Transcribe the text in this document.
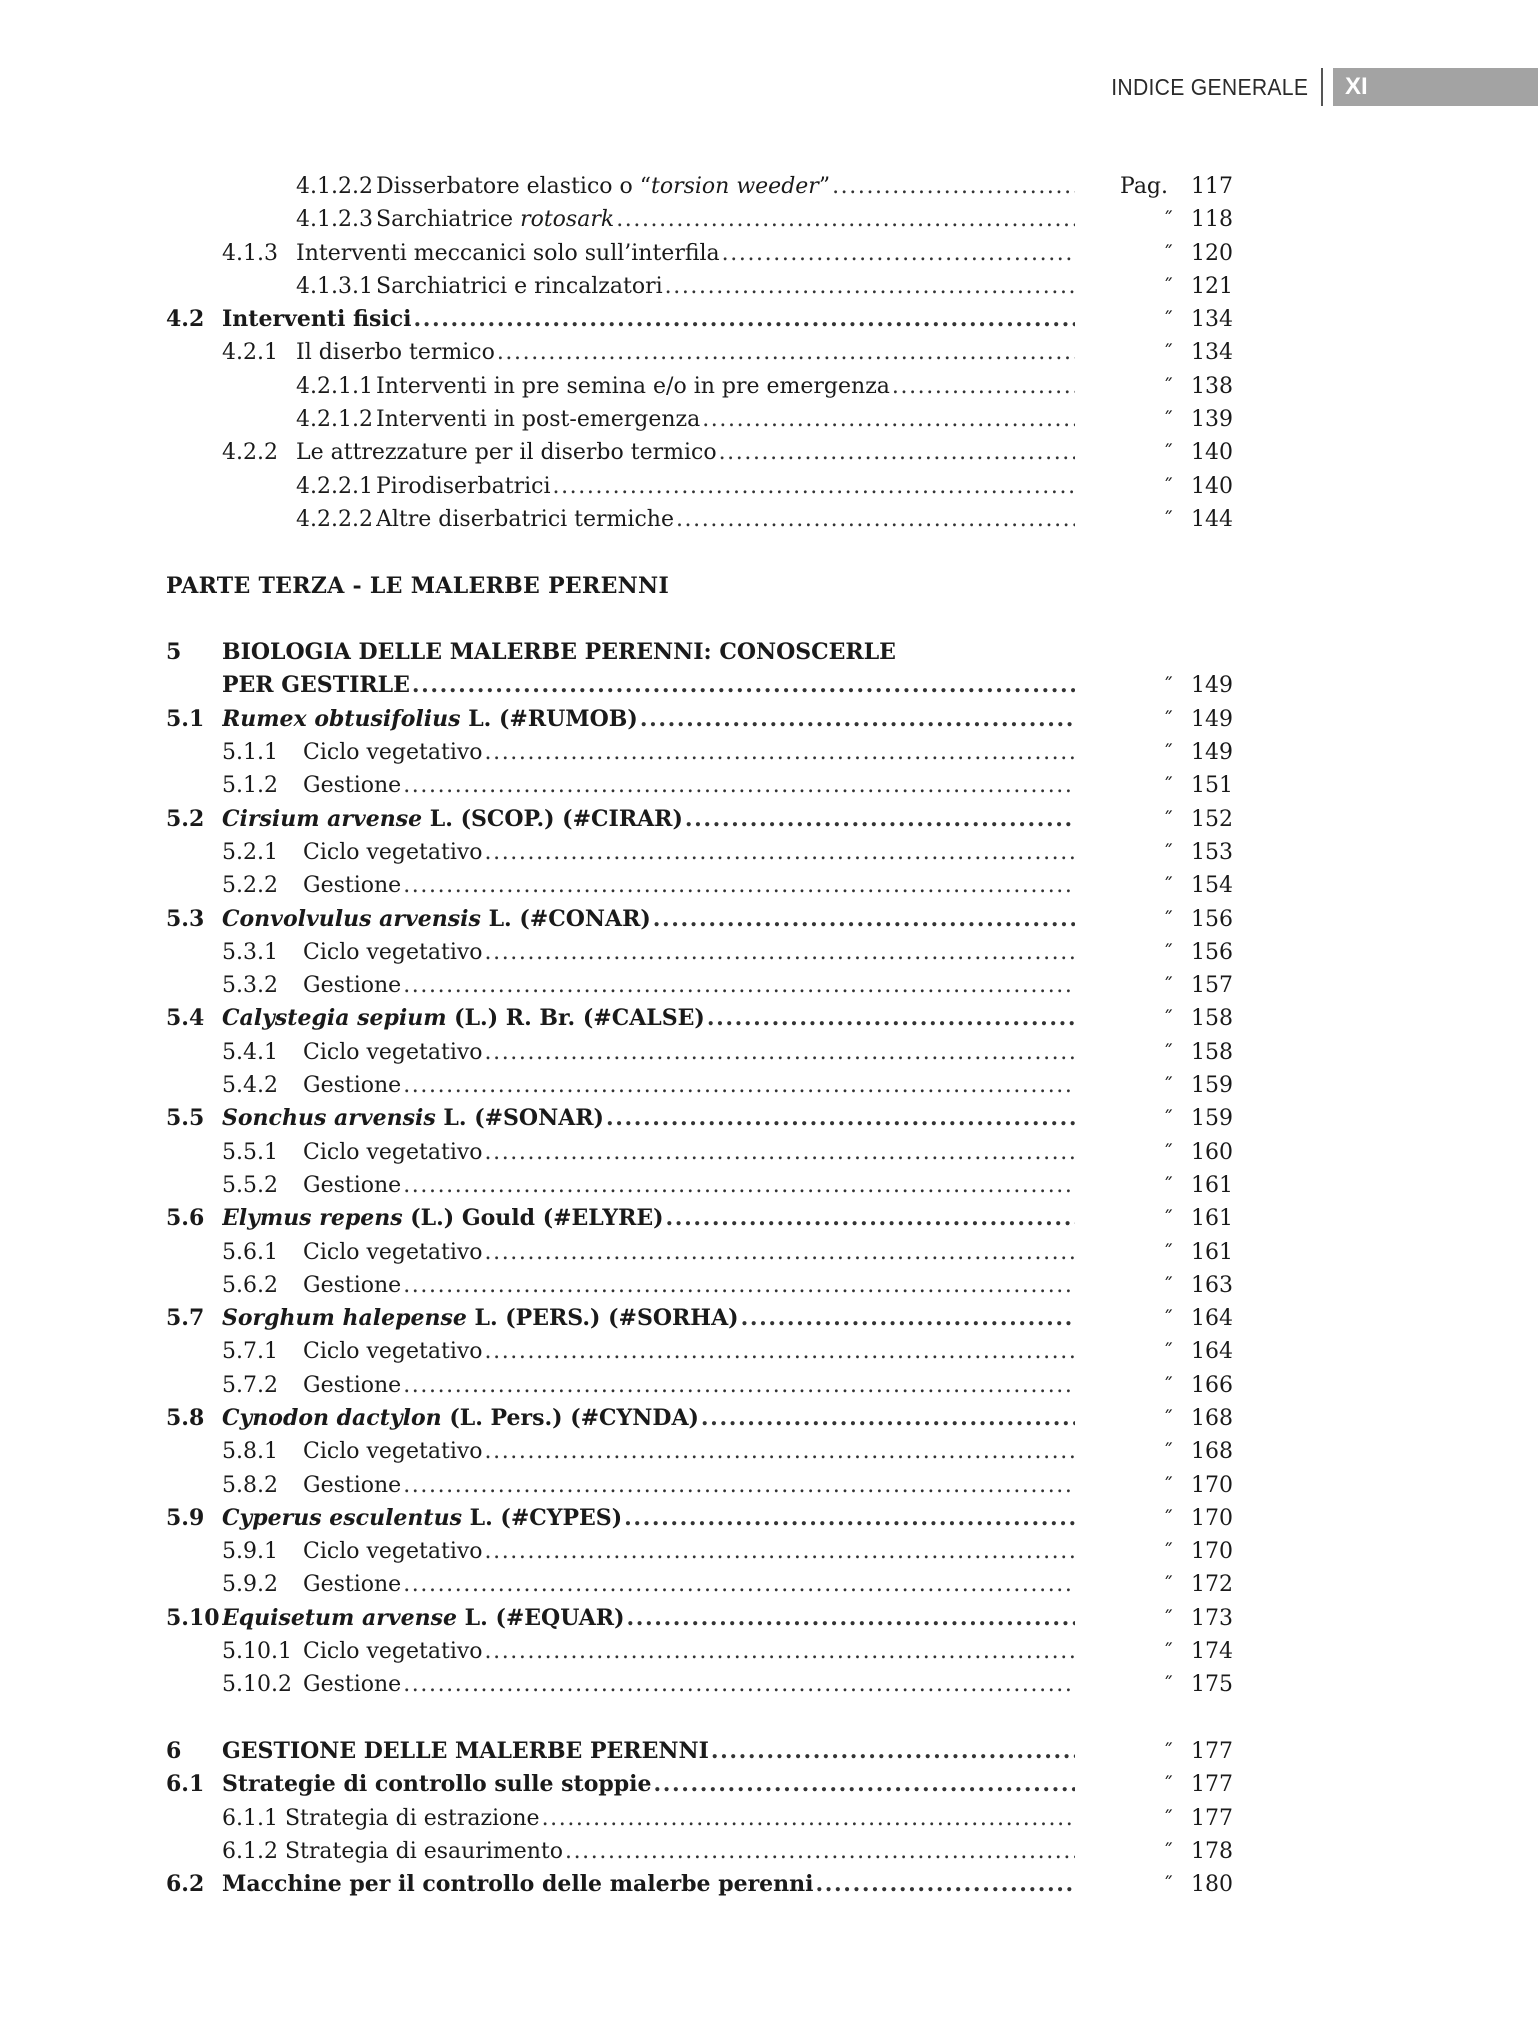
INDICE GENERALE	XI
4.1.2.2 Disserbatore elastico o “torsion weeder” .....	Pag.	117
4.1.2.3 Sarchiatrice rotosark .....	˝ 118
4.1.3 Interventi meccanici solo sull’interfila .....	˝ 120
4.1.3.1 Sarchiatrici e rincalzatori .....	˝ 121
4.2 Interventi fisici .....	˝ 134
4.2.1 Il diserbo termico .....	˝ 134
4.2.1.1 Interventi in pre semina e/o in pre emergenza .....	˝ 138
4.2.1.2 Interventi in post-emergenza .....	˝ 139
4.2.2 Le attrezzature per il diserbo termico .....	˝ 140
4.2.2.1 Pirodiserbatrici .....	˝ 140
4.2.2.2 Altre diserbatrici termiche .....	˝ 144
PARTE TERZA - LE MALERBE PERENNI
5 BIOLOGIA DELLE MALERBE PERENNI: CONOSCERLE
PER GESTIRLE .....	˝ 149
5.1 Rumex obtusifolius L. (#RUMOB) .....	˝ 149
5.1.1 Ciclo vegetativo .....	˝ 149
5.1.2 Gestione .....	˝ 151
5.2 Cirsium arvense L. (SCOP.) (#CIRAR) .....	˝ 152
5.2.1 Ciclo vegetativo .....	˝ 153
5.2.2 Gestione .....	˝ 154
5.3 Convolvulus arvensis L. (#CONAR) .....	˝ 156
5.3.1 Ciclo vegetativo .....	˝ 156
5.3.2 Gestione .....	˝ 157
5.4 Calystegia sepium (L.) R. Br. (#CALSE) .....	˝ 158
5.4.1 Ciclo vegetativo .....	˝ 158
5.4.2 Gestione .....	˝ 159
5.5 Sonchus arvensis L. (#SONAR) .....	˝ 159
5.5.1 Ciclo vegetativo .....	˝ 160
5.5.2 Gestione .....	˝ 161
5.6 Elymus repens (L.) Gould (#ELYRE) .....	˝ 161
5.6.1 Ciclo vegetativo .....	˝ 161
5.6.2 Gestione .....	˝ 163
5.7 Sorghum halepense L. (PERS.) (#SORHA) .....	˝ 164
5.7.1 Ciclo vegetativo .....	˝ 164
5.7.2 Gestione .....	˝ 166
5.8 Cynodon dactylon (L. Pers.) (#CYNDA) .....	˝ 168
5.8.1 Ciclo vegetativo .....	˝ 168
5.8.2 Gestione .....	˝ 170
5.9 Cyperus esculentus L. (#CYPES) .....	˝ 170
5.9.1 Ciclo vegetativo .....	˝ 170
5.9.2 Gestione .....	˝ 172
5.10 Equisetum arvense L. (#EQUAR) .....	˝ 173
5.10.1 Ciclo vegetativo .....	˝ 174
5.10.2 Gestione .....	˝ 175
6 GESTIONE DELLE MALERBE PERENNI .....	˝ 177
6.1 Strategie di controllo sulle stoppie .....	˝ 177
6.1.1 Strategia di estrazione .....	˝ 177
6.1.2 Strategia di esaurimento .....	˝ 178
6.2 Macchine per il controllo delle malerbe perenni .....	˝ 180
